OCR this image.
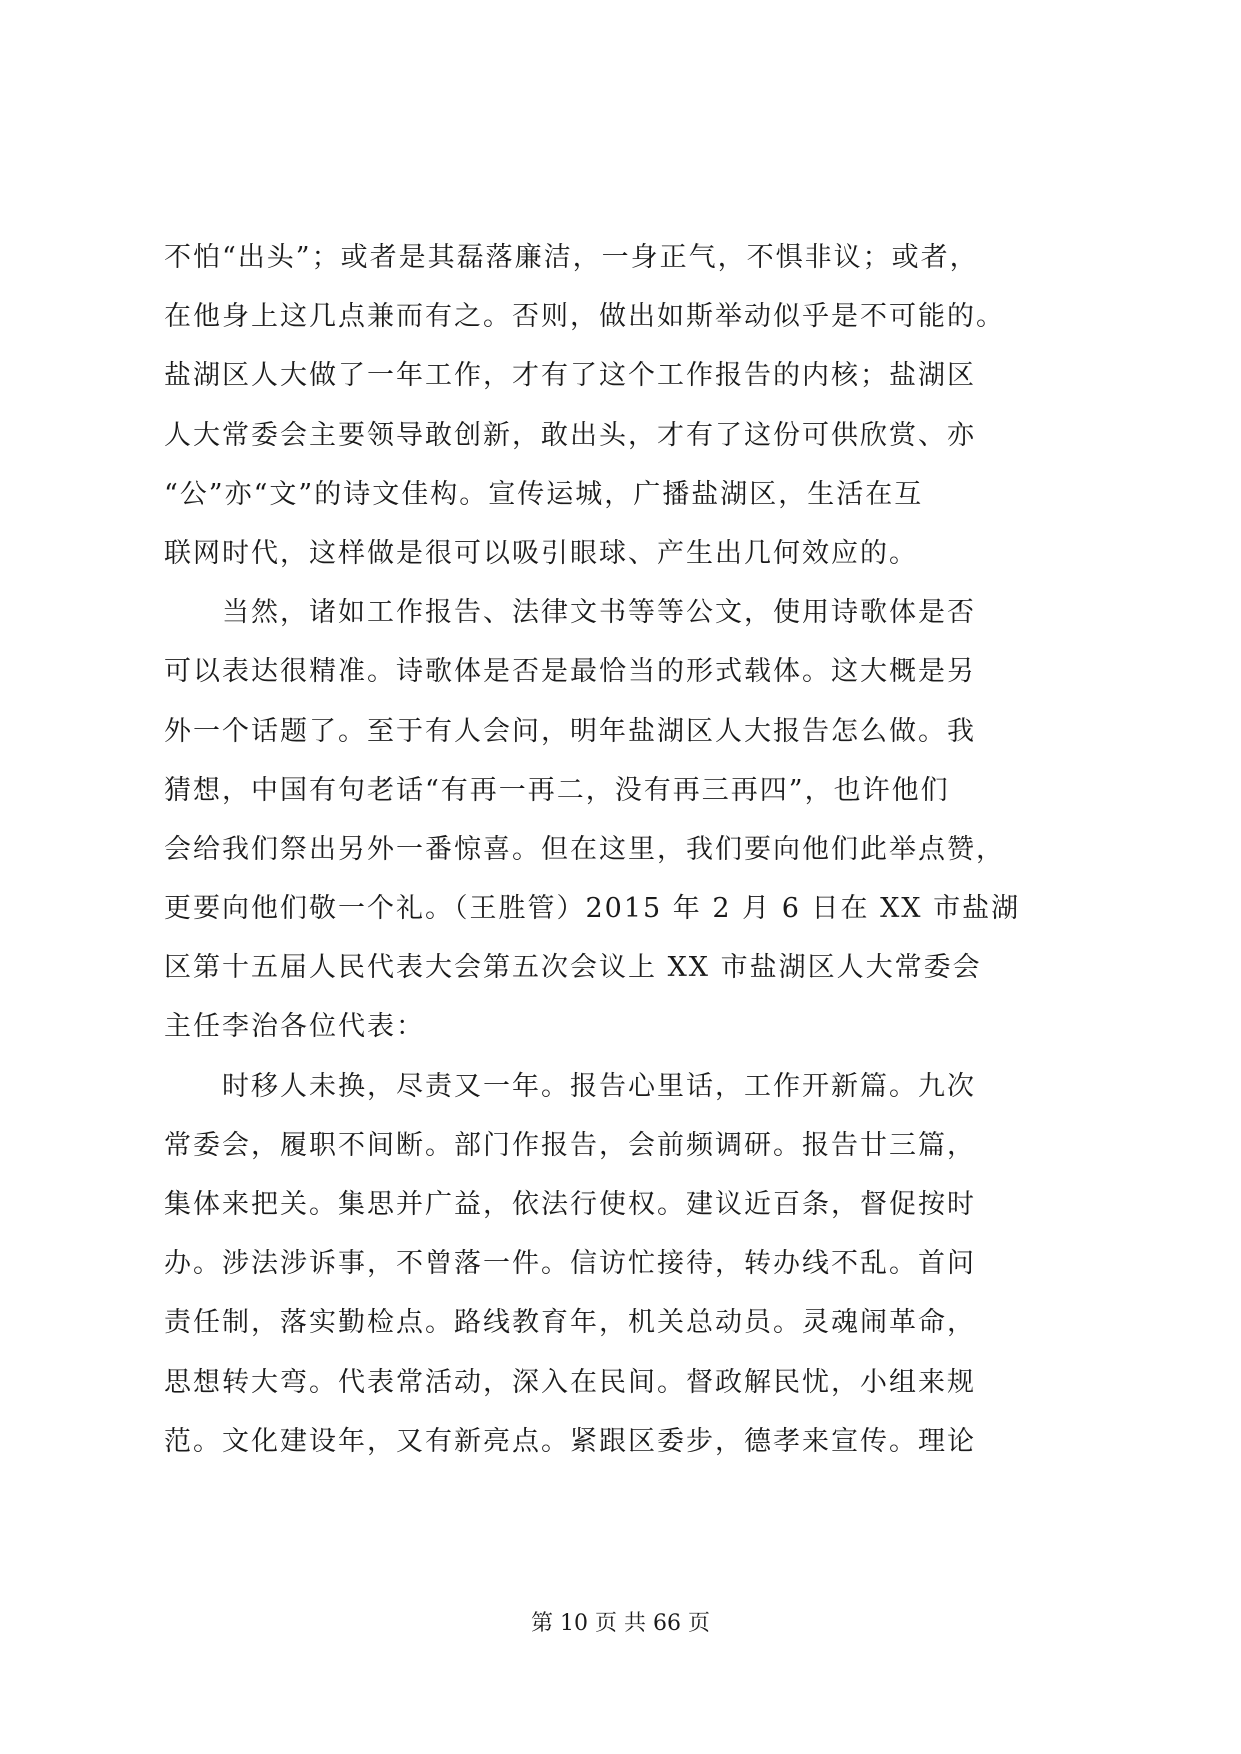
不怕“出头”；或者是其磊落廉洁，一身正气，不惧非议；或者，
在他身上这几点兼而有之。否则，做出如斯举动似乎是不可能的。
盐湖区人大做了一年工作，才有了这个工作报告的内核；盐湖区
人大常委会主要领导敢创新，敢出头，才有了这份可供欣赏、亦
“公”亦“文”的诗文佳构。宣传运城，广播盐湖区，生活在互
联网时代，这样做是很可以吸引眼球、产生出几何效应的。
　　当然，诸如工作报告、法律文书等等公文，使用诗歌体是否
可以表达很精准。诗歌体是否是最恰当的形式载体。这大概是另
外一个话题了。至于有人会问，明年盐湖区人大报告怎么做。我
猜想，中国有句老话“有再一再二，没有再三再四”，也许他们
会给我们祭出另外一番惊喜。但在这里，我们要向他们此举点赞，
更要向他们敬一个礼。（王胜管）2015 年 2 月 6 日在 XX 市盐湖
区第十五届人民代表大会第五次会议上 XX 市盐湖区人大常委会
主任李治各位代表：
　　时移人未换，尽责又一年。报告心里话，工作开新篇。九次
常委会，履职不间断。部门作报告，会前频调研。报告廿三篇，
集体来把关。集思并广益，依法行使权。建议近百条，督促按时
办。涉法涉诉事，不曾落一件。信访忙接待，转办线不乱。首问
责任制，落实勤检点。路线教育年，机关总动员。灵魂闹革命，
思想转大弯。代表常活动，深入在民间。督政解民忧，小组来规
范。文化建设年，又有新亮点。紧跟区委步，德孝来宣传。理论
第 10 页 共 66 页
